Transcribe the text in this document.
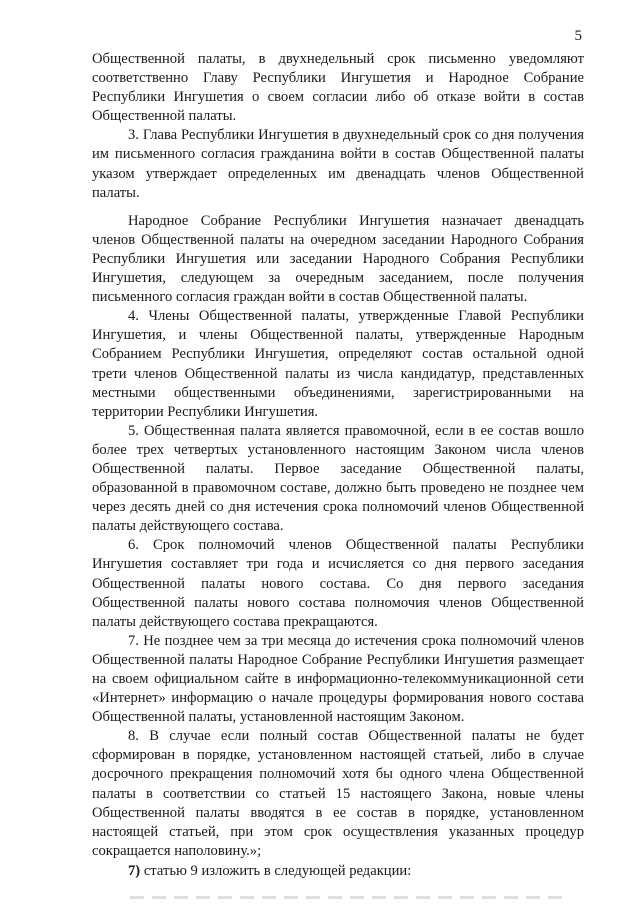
5

Общественной палаты, в двухнедельный срок письменно уведомляют соответственно Главу Республики Ингушетия и Народное Собрание Республики Ингушетия о своем согласии либо об отказе войти в состав Общественной палаты.

3. Глава Республики Ингушетия в двухнедельный срок со дня получения им письменного согласия гражданина войти в состав Общественной палаты указом утверждает определенных им двенадцать членов Общественной палаты.

Народное Собрание Республики Ингушетия назначает двенадцать членов Общественной палаты на очередном заседании Народного Собрания Республики Ингушетия или заседании Народного Собрания Республики Ингушетия, следующем за очередным заседанием, после получения письменного согласия граждан войти в состав Общественной палаты.

4. Члены Общественной палаты, утвержденные Главой Республики Ингушетия, и члены Общественной палаты, утвержденные Народным Собранием Республики Ингушетия, определяют состав остальной одной трети членов Общественной палаты из числа кандидатур, представленных местными общественными объединениями, зарегистрированными на территории Республики Ингушетия.

5. Общественная палата является правомочной, если в ее состав вошло более трех четвертых установленного настоящим Законом числа членов Общественной палаты. Первое заседание Общественной палаты, образованной в правомочном составе, должно быть проведено не позднее чем через десять дней со дня истечения срока полномочий членов Общественной палаты действующего состава.

6. Срок полномочий членов Общественной палаты Республики Ингушетия составляет три года и исчисляется со дня первого заседания Общественной палаты нового состава. Со дня первого заседания Общественной палаты нового состава полномочия членов Общественной палаты действующего состава прекращаются.

7. Не позднее чем за три месяца до истечения срока полномочий членов Общественной палаты Народное Собрание Республики Ингушетия размещает на своем официальном сайте в информационно-телекоммуникационной сети «Интернет» информацию о начале процедуры формирования нового состава Общественной палаты, установленной настоящим Законом.

8. В случае если полный состав Общественной палаты не будет сформирован в порядке, установленном настоящей статьей, либо в случае досрочного прекращения полномочий хотя бы одного члена Общественной палаты в соответствии со статьей 15 настоящего Закона, новые члены Общественной палаты вводятся в ее состав в порядке, установленном настоящей статьей, при этом срок осуществления указанных процедур сокращается наполовину.»;

7) статью 9 изложить в следующей редакции:
